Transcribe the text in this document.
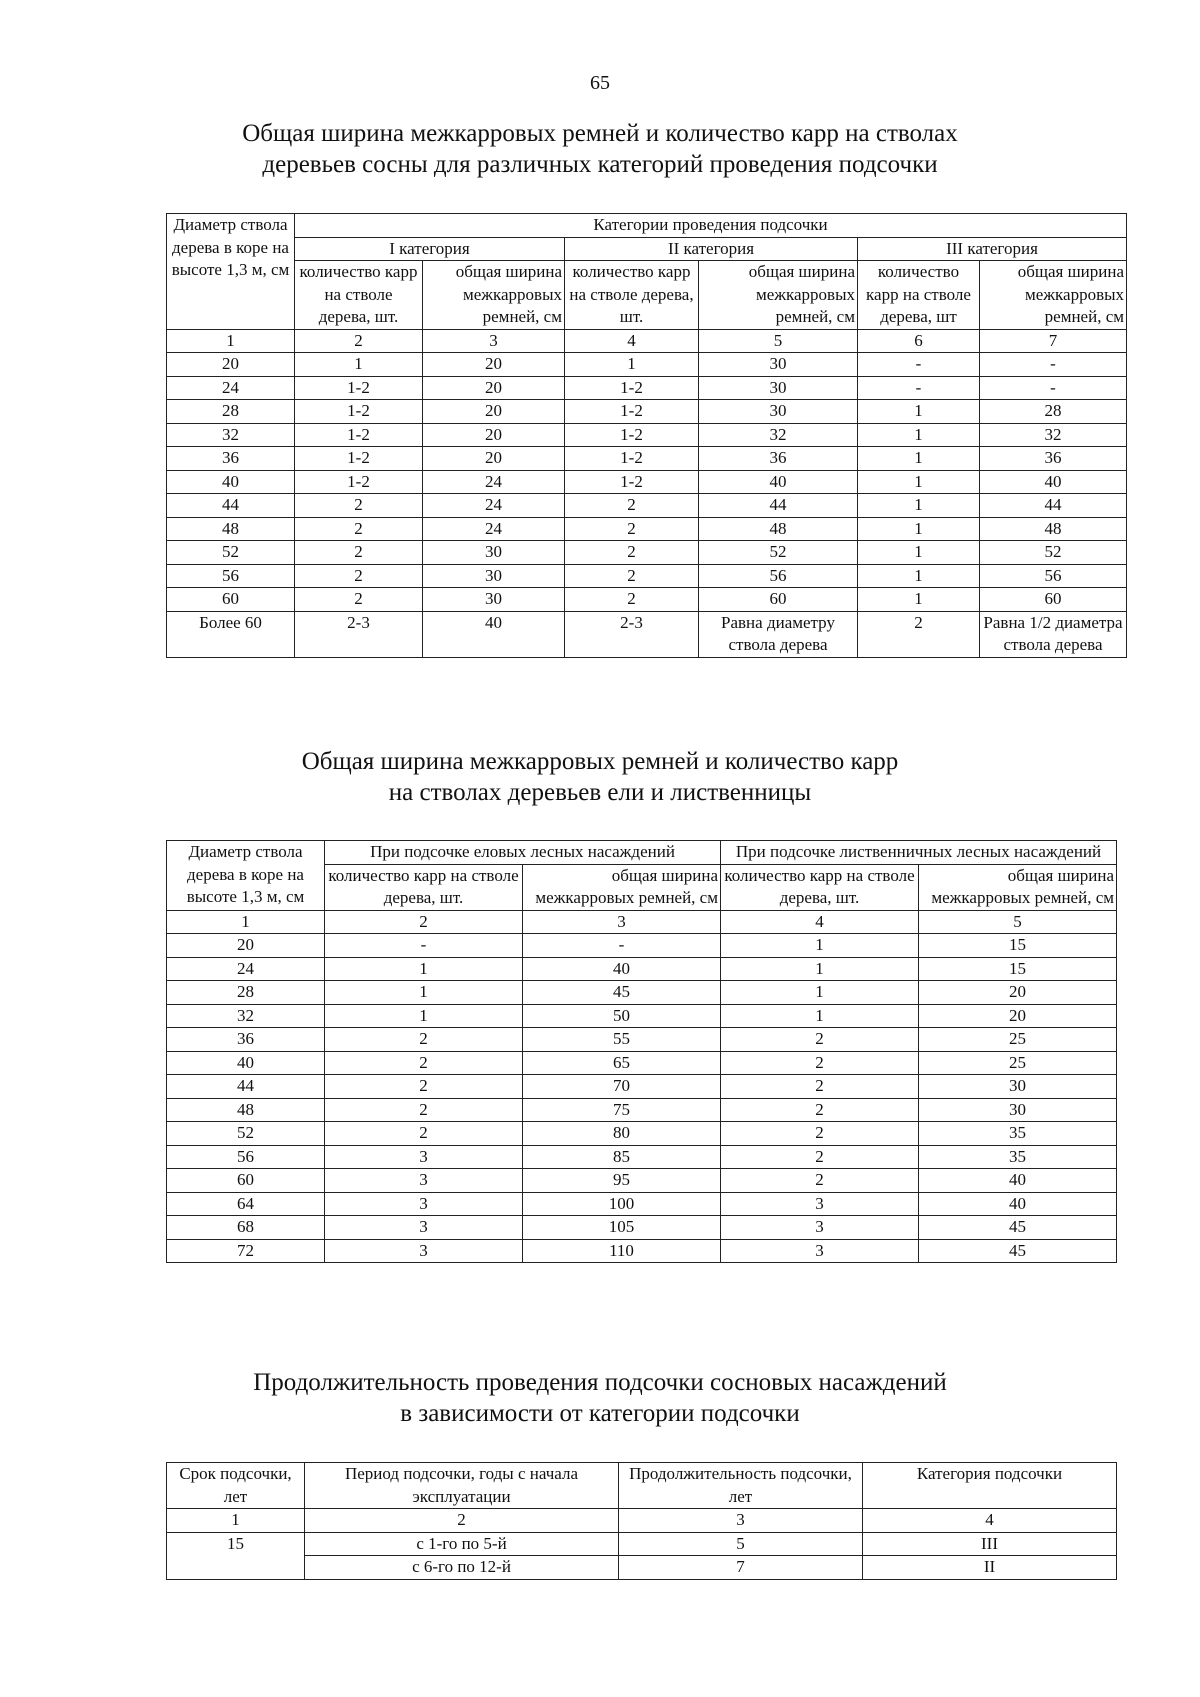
65
Общая ширина межкарровых ремней и количество карр на стволах
деревьев сосны для различных категорий проведения подсочки
Диаметр ствола дерева в коре на высоте 1,3 м, см	Категории проведения подсочки					
	I категория		II категория		III категория	
	количество карр на стволе дерева, шт.	общая ширина межкарровых ремней, см	количество карр на стволе дерева, шт.	общая ширина межкарровых ремней, см	количество карр на стволе дерева, шт	общая ширина межкарровых ремней, см
1	2	3	4	5	6	7
20	1	20	1	30	-	-
24	1-2	20	1-2	30	-	-
28	1-2	20	1-2	30	1	28
32	1-2	20	1-2	32	1	32
36	1-2	20	1-2	36	1	36
40	1-2	24	1-2	40	1	40
44	2	24	2	44	1	44
48	2	24	2	48	1	48
52	2	30	2	52	1	52
56	2	30	2	56	1	56
60	2	30	2	60	1	60
Более 60	2-3	40	2-3	Равна диаметру ствола дерева	2	Равна 1/2 диаметра ствола дерева
Общая ширина межкарровых ремней и количество карр
на стволах деревьев ели и лиственницы
Диаметр ствола дерева в коре на высоте 1,3 м, см	При подсочке еловых лесных насаждений		При подсочке лиственничных лесных насаждений	
	количество карр на стволе дерева, шт.	общая ширина межкарровых ремней, см	количество карр на стволе дерева, шт.	общая ширина межкарровых ремней, см
1	2	3	4	5
20	-	-	1	15
24	1	40	1	15
28	1	45	1	20
32	1	50	1	20
36	2	55	2	25
40	2	65	2	25
44	2	70	2	30
48	2	75	2	30
52	2	80	2	35
56	3	85	2	35
60	3	95	2	40
64	3	100	3	40
68	3	105	3	45
72	3	110	3	45
Продолжительность проведения подсочки сосновых насаждений
в зависимости от категории подсочки
Срок подсочки, лет	Период подсочки, годы с начала эксплуатации	Продолжительность подсочки, лет	Категория подсочки
1	2	3	4
15	с 1-го по 5-й	5	III
	с 6-го по 12-й	7	II
